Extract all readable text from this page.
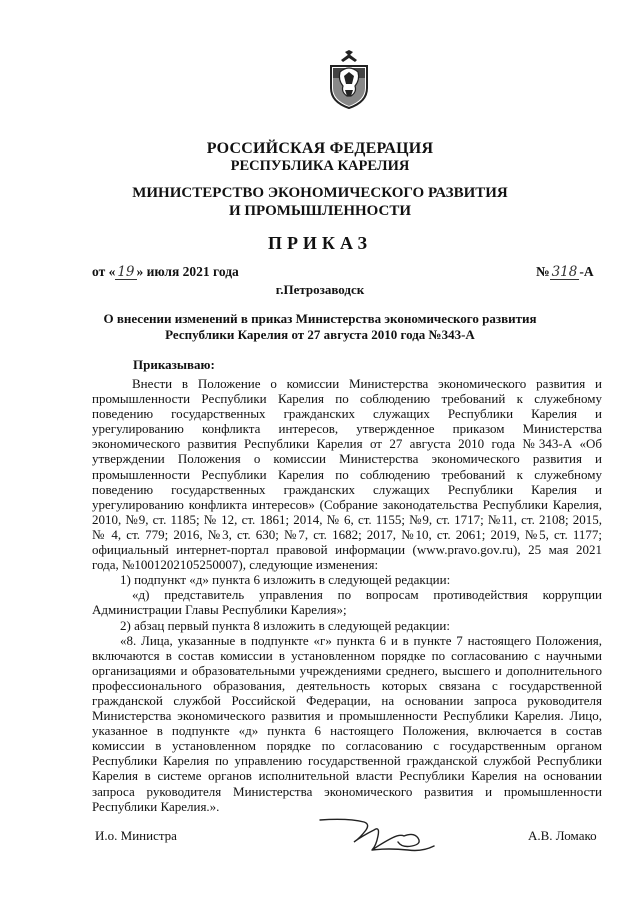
РОССИЙСКАЯ ФЕДЕРАЦИЯ
РЕСПУБЛИКА КАРЕЛИЯ
МИНИСТЕРСТВО ЭКОНОМИЧЕСКОГО РАЗВИТИЯ
И ПРОМЫШЛЕННОСТИ
ПРИКАЗ
от « 19 » июля 2021 года	№ 318 -А
г.Петрозаводск
О внесении изменений в приказ Министерства экономического развития
Республики Карелия от 27 августа 2010 года №343-А
Приказываю:
Внести в Положение о комиссии Министерства экономического развития и
промышленности Республики Карелия по соблюдению требований к служебному
поведению государственных гражданских служащих Республики Карелия и
урегулированию конфликта интересов, утвержденное приказом Министерства
экономического развития Республики Карелия от 27 августа 2010 года №343-А «Об
утверждении Положения о комиссии Министерства экономического развития и
промышленности Республики Карелия по соблюдению требований к служебному
поведению государственных гражданских служащих Республики Карелия и
урегулированию конфликта интересов» (Собрание законодательства Республики Карелия,
2010, №9, ст. 1185; № 12, ст. 1861; 2014, № 6, ст. 1155; №9, ст. 1717; №11, ст. 2108; 2015,
№ 4, ст. 779; 2016, №3, ст. 630; №7, ст. 1682; 2017, №10, ст. 2061; 2019, №5, ст. 1177;
официальный интернет-портал правовой информации (www.pravo.gov.ru), 25 мая 2021
года, №1001202105250007), следующие изменения:
1) подпункт «д» пункта 6 изложить в следующей редакции:
«д) представитель управления по вопросам противодействия коррупции
Администрации Главы Республики Карелия»;
2) абзац первый пункта 8 изложить в следующей редакции:
«8. Лица, указанные в подпункте «г» пункта 6 и в пункте 7 настоящего Положения,
включаются в состав комиссии в установленном порядке по согласованию с научными
организациями и образовательными учреждениями среднего, высшего и дополнительного
профессионального образования, деятельность которых связана с государственной
гражданской службой Российской Федерации, на основании запроса руководителя
Министерства экономического развития и промышленности Республики Карелия. Лицо,
указанное в подпункте «д» пункта 6 настоящего Положения, включается в состав
комиссии в установленном порядке по согласованию с государственным органом
Республики Карелия по управлению государственной гражданской службой Республики
Карелия в системе органов исполнительной власти Республики Карелия на основании
запроса руководителя Министерства экономического развития и промышленности
Республики Карелия.».
И.о. Министра	А.В. Ломако
